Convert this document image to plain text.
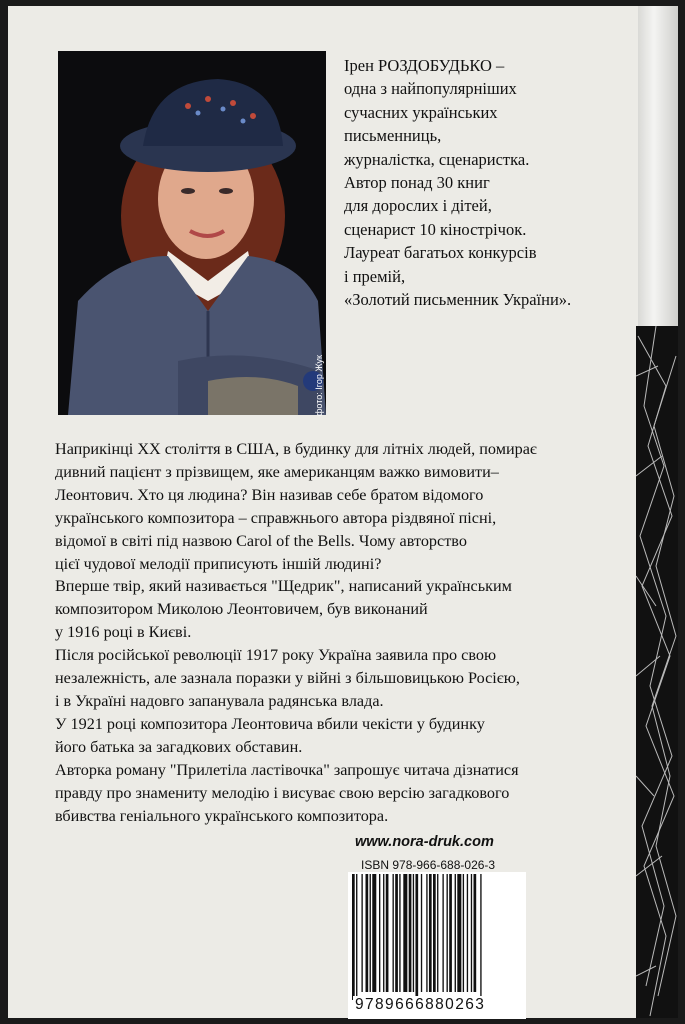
фото: Ігор Жук
Ірен РОЗДОБУДЬКО –
одна з найпопулярніших
сучасних українських
письменниць,
журналістка, сценаристка.
Автор понад 30 книг
для дорослих і дітей,
сценарист 10 кінострічок.
Лауреат багатьох конкурсів
і премій,
«Золотий письменник України».
Наприкінці XX століття в США, в будинку для літніх людей, помирає
дивний пацієнт з прізвищем, яке американцям важко вимовити–
Леонтович. Хто ця людина? Він називав себе братом відомого
українського композитора – справжнього автора різдвяної пісні,
відомої в світі під назвою Carol of the Bells. Чому авторство
цієї чудової мелодії приписують іншій людині?
Вперше твір, який називається "Щедрик", написаний українським
композитором Миколою Леонтовичем, був виконаний
у 1916 році в Києві.
Після російської революції 1917 року Україна заявила про свою
незалежність, але зазнала поразки у війні з більшовицькою Росією,
і в Україні надовго запанувала радянська влада.
У 1921 році композитора Леонтовича вбили чекісти у будинку
його батька за загадкових обставин.
Авторка роману "Прилетіла ластівочка" запрошує читача дізнатися
правду про знамениту мелодію і висуває свою версію загадкового
вбивства геніального українського композитора.
www.nora-druk.com
ISBN 978-966-688-026-3
9789666880263
